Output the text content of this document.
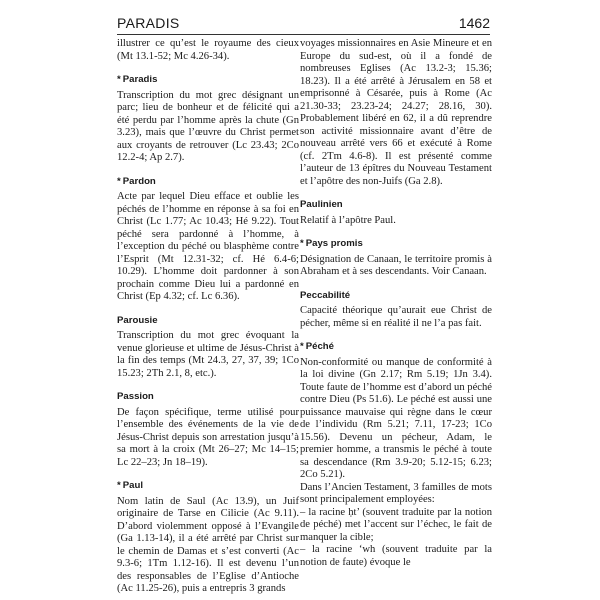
PARADIS	1462

illustrer ce qu’est le royaume des cieux (Mt 13.1-52; Mc 4.26-34).

* Paradis

Transcription du mot grec désignant un parc; lieu de bonheur et de félicité qui a été perdu par l’homme après la chute (Gn 3.23), mais que l’œuvre du Christ permet aux croyants de retrouver (Lc 23.43; 2Co 12.2-4; Ap 2.7).

* Pardon

Acte par lequel Dieu efface et oublie les péchés de l’homme en réponse à sa foi en Christ (Lc 1.77; Ac 10.43; Hé 9.22). Tout péché sera pardonné à l’homme, à l’exception du péché ou blasphème contre l’Esprit (Mt 12.31-32; cf. Hé 6.4-6; 10.29). L’homme doit pardonner à son prochain comme Dieu lui a pardonné en Christ (Ep 4.32; cf. Lc 6.36).

Parousie

Transcription du mot grec évoquant la venue glorieuse et ultime de Jésus-Christ à la fin des temps (Mt 24.3, 27, 37, 39; 1Co 15.23; 2Th 2.1, 8, etc.).

Passion

De façon spécifique, terme utilisé pour l’ensemble des événements de la vie de Jésus-Christ depuis son arrestation jusqu’à sa mort à la croix (Mt 26–27; Mc 14–15; Lc 22–23; Jn 18–19).

* Paul

Nom latin de Saul (Ac 13.9), un Juif originaire de Tarse en Cilicie (Ac 9.11). D’abord violemment opposé à l’Evangile (Ga 1.13-14), il a été arrêté par Christ sur le chemin de Damas et s’est converti (Ac 9.3-6; 1Tm 1.12-16). Il est devenu l’un des responsables de l’Eglise d’Antioche (Ac 11.25-26), puis a entrepris 3 grands

voyages missionnaires en Asie Mineure et en Europe du sud-est, où il a fondé de nombreuses Eglises (Ac 13.2-3; 15.36; 18.23). Il a été arrêté à Jérusalem en 58 et emprisonné à Césarée, puis à Rome (Ac 21.30-33; 23.23-24; 24.27; 28.16, 30). Probablement libéré en 62, il a dû reprendre son activité missionnaire avant d’être de nouveau arrêté vers 66 et exécuté à Rome (cf. 2Tm 4.6-8). Il est présenté comme l’auteur de 13 épîtres du Nouveau Testament et l’apôtre des non-Juifs (Ga 2.8).

Paulinien

Relatif à l’apôtre Paul.

* Pays promis

Désignation de Canaan, le territoire promis à Abraham et à ses descendants. Voir Canaan.

Peccabilité

Capacité théorique qu’aurait eue Christ de pécher, même si en réalité il ne l’a pas fait.

* Péché

Non-conformité ou manque de conformité à la loi divine (Gn 2.17; Rm 5.19; 1Jn 3.4). Toute faute de l’homme est d’abord un péché contre Dieu (Ps 51.6). Le péché est aussi une puissance mauvaise qui règne dans le cœur de l’individu (Rm 5.21; 7.11, 17-23; 1Co 15.56). Devenu un pécheur, Adam, le premier homme, a transmis le péché à toute sa descendance (Rm 3.9-20; 5.12-15; 6.23; 2Co 5.21).

Dans l’Ancien Testament, 3 familles de mots sont principalement employées:

– la racine ḥt’ (souvent traduite par la notion de péché) met l’accent sur l’échec, le fait de manquer la cible;

– la racine ‘wh (souvent traduite par la notion de faute) évoque le
